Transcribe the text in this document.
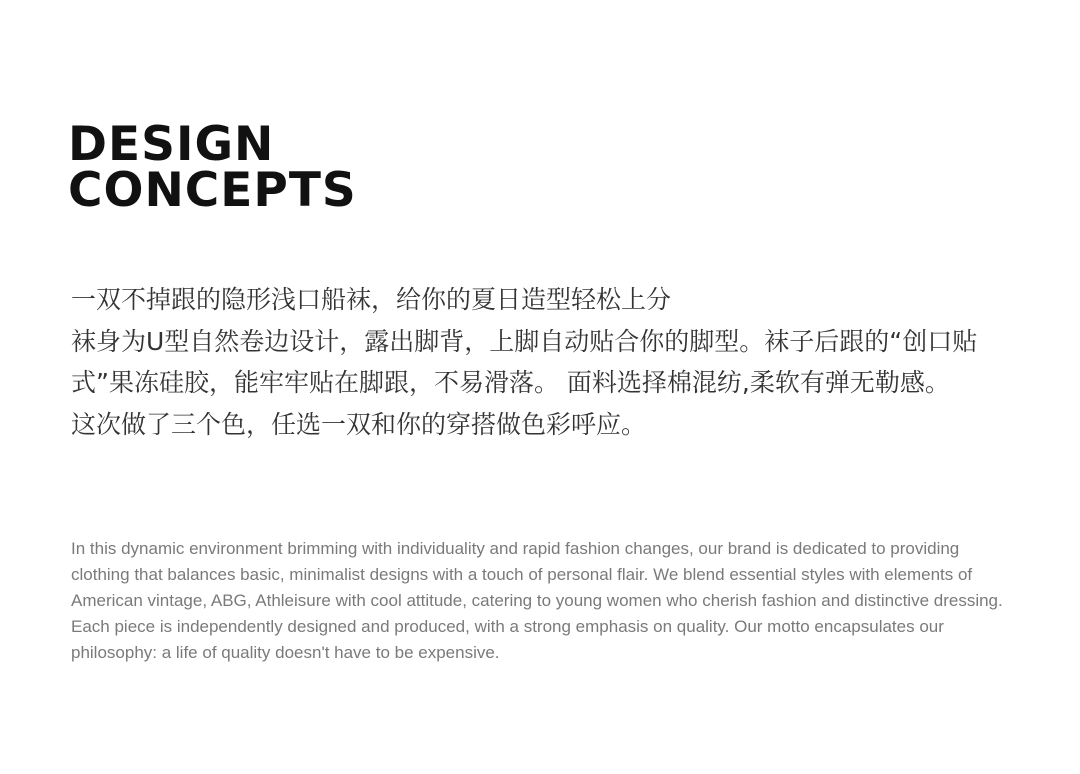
DESIGN
CONCEPTS

一双不掉跟的隐形浅口船袜，给你的夏日造型轻松上分

袜身为U型自然卷边设计，露出脚背，上脚自动贴合你的脚型。袜子后跟的“创口贴式”果冻硅胶，能牢牢贴在脚跟，不易滑落。 面料选择棉混纺,柔软有弹无勒感。

这次做了三个色，任选一双和你的穿搭做色彩呼应。

In this dynamic environment brimming with individuality and rapid fashion changes, our brand is dedicated to providing clothing that balances basic, minimalist designs with a touch of personal flair. We blend essential styles with elements of American vintage, ABG, Athleisure with cool attitude, catering to young women who cherish fashion and distinctive dressing. Each piece is independently designed and produced, with a strong emphasis on quality. Our motto encapsulates our philosophy: a life of quality doesn't have to be expensive.
